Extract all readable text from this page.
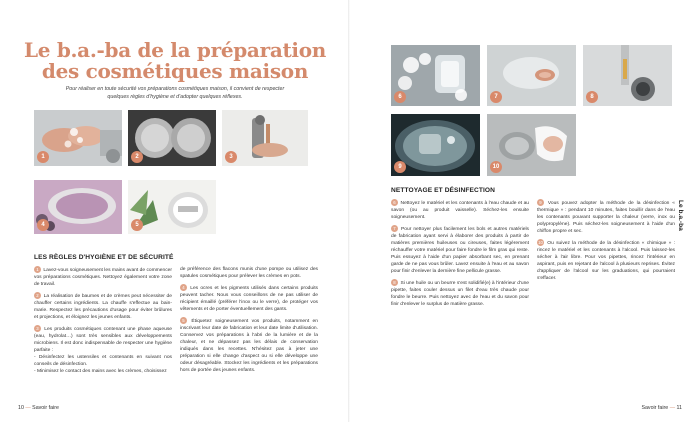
Le b.a.-ba de la préparation
des cosmétiques maison
Pour réaliser en toute sécurité vos préparations cosmétiques maison, il convient de respecter quelques règles d'hygiène et d'adopter quelques réflexes.
1	2	3
4	5
LES RÈGLES D'HYGIÈNE ET DE SÉCURITÉ

1 Lavez-vous soigneusement les mains avant de commencer vos préparations cosmétiques. Nettoyez également votre zone de travail.

2 La réalisation de baumes et de crèmes peut nécessiter de chauffer certains ingrédients. La chauffe s'effectue au bain-marie. Respectez les précautions d'usage pour éviter brûlures et projections, et éloignez les jeunes enfants.

3 Les produits cosmétiques contenant une phase aqueuse (eau, hydrolat…) sont très sensibles aux développements microbiens. Il est donc indispensable de respecter une hygiène parfaite :

- Désinfectez les ustensiles et contenants en suivant nos conseils de désinfection.

- Minimisez le contact des mains avec les crèmes, choisissez

de préférence des flacons munis d'une pompe ou utilisez des spatules cosmétiques pour prélever les crèmes en pots.

4 Les ocres et les pigments utilisés dans certains produits peuvent tacher. Nous vous conseillons de ne pas utiliser de récipient émaillé (préférer l'inox ou le verre), de protéger vos vêtements et de porter éventuellement des gants.

5 Étiquetez soigneusement vos produits, notamment en inscrivant leur date de fabrication et leur date limite d'utilisation. Conservez vos préparations à l'abri de la lumière et de la chaleur, et ne dépassez pas les délais de conservation indiqués dans les recettes. N'hésitez pas à jeter une préparation si elle change d'aspect ou si elle développe une odeur désagréable. Stockez les ingrédients et les préparations hors de portée des jeunes enfants.

10 — Savoir faire
6	7	8
9	10
NETTOYAGE ET DÉSINFECTION

6 Nettoyez le matériel et les contenants à l'eau chaude et au savon (ou au produit vaisselle). Séchez-les ensuite soigneusement.

7 Pour nettoyer plus facilement les bols et autres matériels de fabrication ayant servi à élaborer des produits à partir de matières premières huileuses ou cireuses, faites légèrement réchauffer votre matériel pour faire fondre le film gras qui reste. Puis essuyez à l'aide d'un papier absorbant sec, en prenant garde de ne pas vous brûler. Lavez ensuite à l'eau et au savon pour finir d'enlever la dernière fine pellicule grasse.

8 Si une huile ou un beurre s'est solidifié(e) à l'intérieur d'une pipette, faites couler dessus un filet d'eau très chaude pour fondre le beurre. Puis nettoyez avec de l'eau et du savon pour finir d'enlever le surplus de matière grasse.

9 Vous pouvez adopter la méthode de la désinfection « thermique » : pendant 10 minutes, faites bouillir dans de l'eau les contenants pouvant supporter la chaleur (verre, inox ou polypropylène). Puis séchez-les soigneusement à l'aide d'un chiffon propre et sec.

10 Ou suivez la méthode de la désinfection « chimique » : rincez le matériel et les contenants à l'alcool. Puis laissez-les sécher à l'air libre. Pour vos pipettes, rincez l'intérieur en aspirant, puis en rejetant de l'alcool à plusieurs reprises. Évitez d'appliquer de l'alcool sur les graduations, qui pourraient s'effacer.

Le b.a.-ba
Savoir faire — 11
